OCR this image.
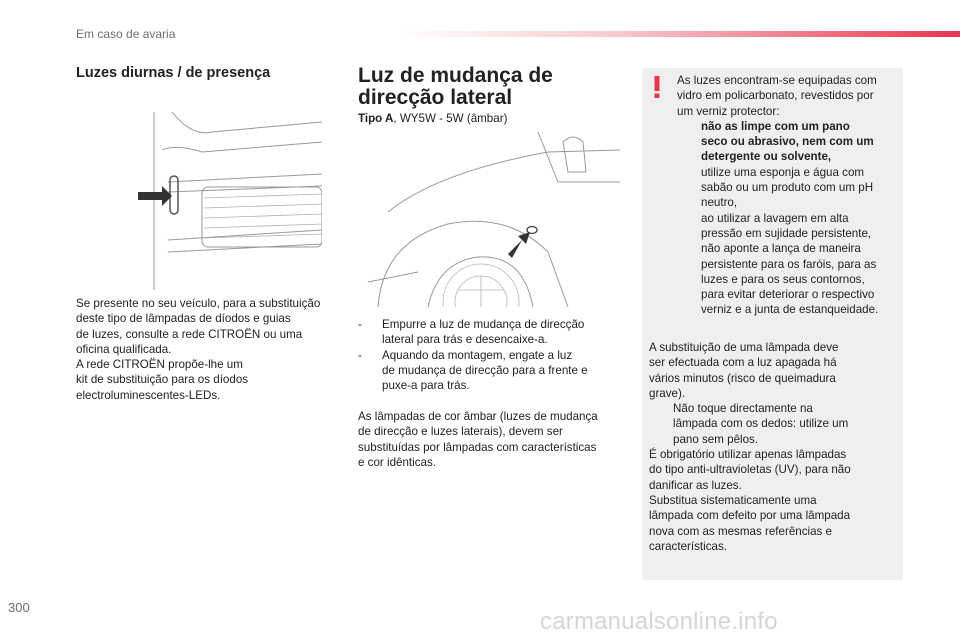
Em caso de avaria
Luzes diurnas / de presença
Se presente no seu veículo, para a substituição
deste tipo de lâmpadas de díodos e guias
de luzes, consulte a rede CITROËN ou uma
oficina qualificada.
A rede CITROËN propõe-lhe um
kit de substituição para os díodos
electroluminescentes-LEDs.
Luz de mudança de
direcção lateral
Tipo A, WY5W - 5W (âmbar)
-	Empurre a luz de mudança de direcção
lateral para trás e desencaixe-a.
-	Aquando da montagem, engate a luz
de mudança de direcção para a frente e
puxe-a para trás.
As lâmpadas de cor âmbar (luzes de mudança
de direcção e luzes laterais), devem ser
substituídas por lâmpadas com características
e cor idênticas.
As luzes encontram-se equipadas com
vidro em policarbonato, revestidos por
um verniz protector:
não as limpe com um pano
seco ou abrasivo, nem com um
detergente ou solvente,
utilize uma esponja e água com
sabão ou um produto com um pH
neutro,
ao utilizar a lavagem em alta
pressão em sujidade persistente,
não aponte a lança de maneira
persistente para os faróis, para as
luzes e para os seus contornos,
para evitar deteriorar o respectivo
verniz e a junta de estanqueidade.
A substituição de uma lâmpada deve
ser efectuada com a luz apagada há
vários minutos (risco de queimadura
grave).
Não toque directamente na
lâmpada com os dedos: utilize um
pano sem pêlos.
É obrigatório utilizar apenas lâmpadas
do tipo anti-ultravioletas (UV), para não
danificar as luzes.
Substitua sistematicamente uma
lâmpada com defeito por uma lâmpada
nova com as mesmas referências e
características.
300
carmanualsonline.info
